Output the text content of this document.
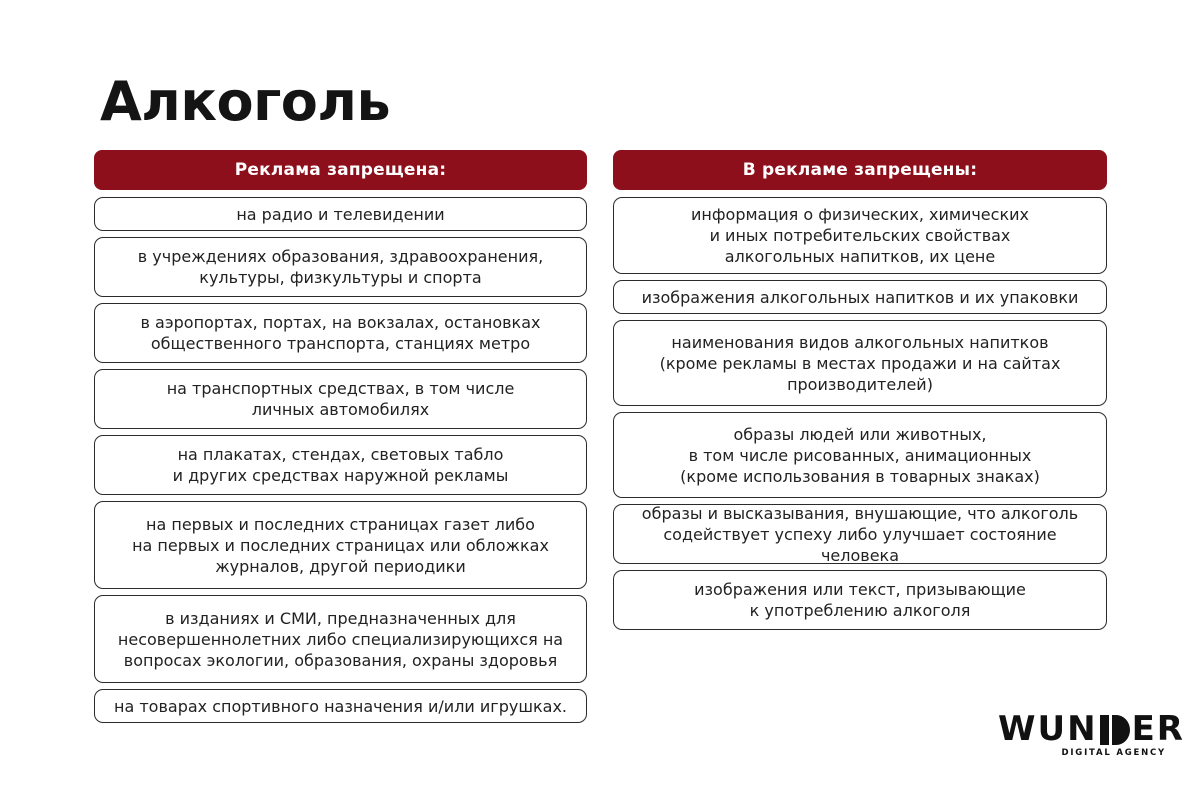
Алкоголь
Реклама запрещена:
на радио и телевидении
в учреждениях образования, здравоохранения,
культуры, физкультуры и спорта
в аэропортах, портах, на вокзалах, остановках
общественного транспорта, станциях метро
на транспортных средствах, в том числе
личных автомобилях
на плакатах, стендах, световых табло
и других средствах наружной рекламы
на первых и последних страницах газет либо
на первых и последних страницах или обложках
журналов, другой периодики
в изданиях и СМИ, предназначенных для
несовершеннолетних либо специализирующихся на
вопросах экологии, образования, охраны здоровья
на товарах спортивного назначения и/или игрушках.
В рекламе запрещены:
информация о физических, химических
и иных потребительских свойствах
алкогольных напитков, их цене
изображения алкогольных напитков и их упаковки
наименования видов алкогольных напитков
(кроме рекламы в местах продажи и на сайтах
производителей)
образы людей или животных,
в том числе рисованных, анимационных
(кроме использования в товарных знаках)
образы и высказывания, внушающие, что алкоголь
содействует успеху либо улучшает состояние человека
изображения или текст, призывающие
к употреблению алкоголя
WUN ER
DIGITAL AGENCY
